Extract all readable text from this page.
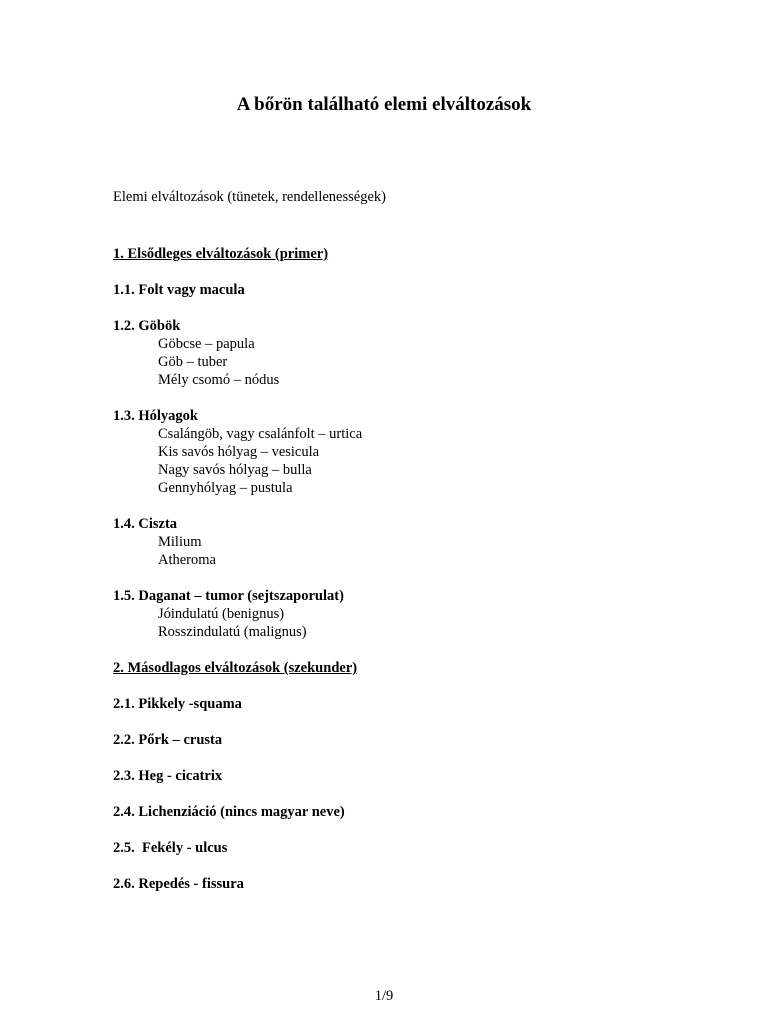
A bőrön található elemi elváltozások
Elemi elváltozások (tünetek, rendellenességek)
1. Elsődleges elváltozások (primer)
1.1. Folt vagy macula
1.2. Göbök
Göbcse – papula
Göb – tuber
Mély csomó – nódus
1.3. Hólyagok
Csalángöb, vagy csalánfolt – urtica
Kis savós hólyag – vesicula
Nagy savós hólyag – bulla
Gennyhólyag – pustula
1.4. Ciszta
Milium
Atheroma
1.5. Daganat – tumor (sejtszaporulat)
Jóindulatú (benignus)
Rosszindulatú (malignus)
2. Másodlagos elváltozások (szekunder)
2.1. Pikkely -squama
2.2. Pőrk – crusta
2.3. Heg - cicatrix
2.4. Lichenziáció (nincs magyar neve)
2.5.  Fekély - ulcus
2.6. Repedés - fissura
1/9
